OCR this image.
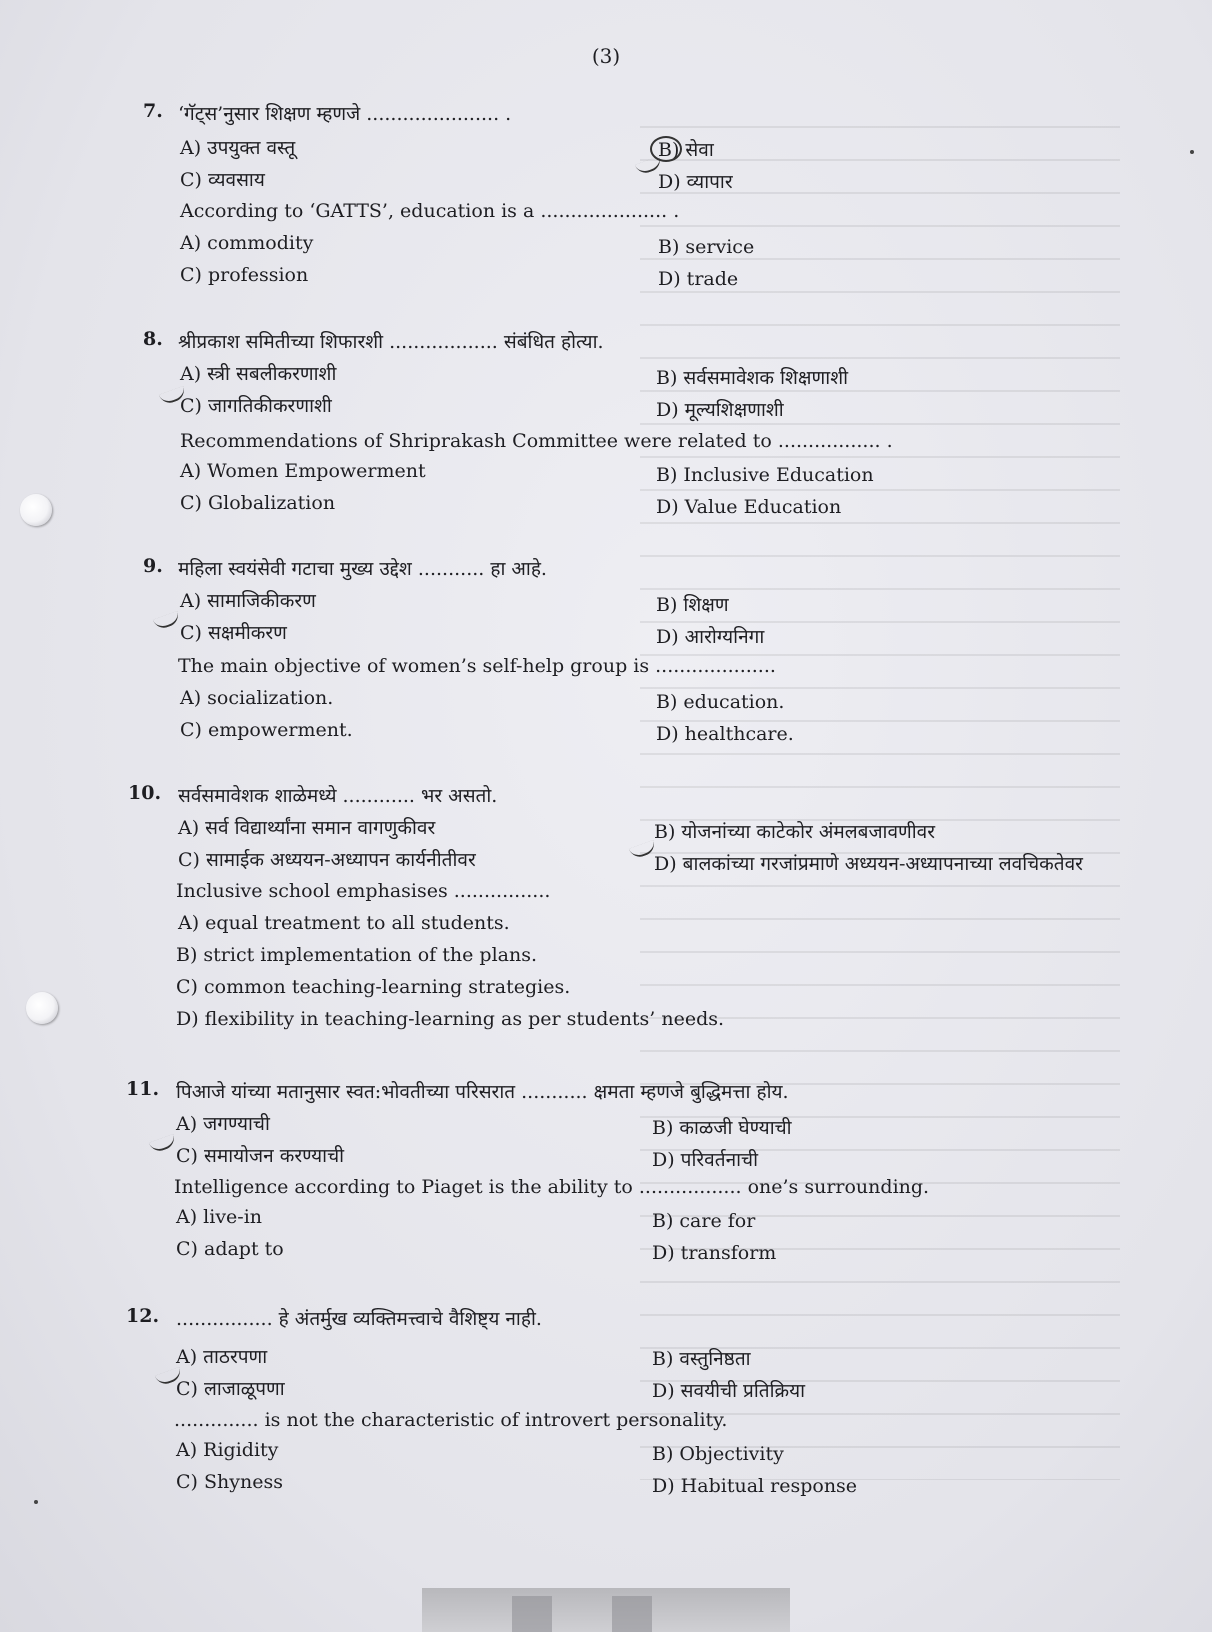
(3)
7. ‘गॅट्स’नुसार शिक्षण म्हणजे ...................... .
A) उपयुक्त वस्तू	B) सेवा
C) व्यवसाय	D) व्यापार
According to ‘GATTS’, education is a ..................... .
A) commodity	B) service
C) profession	D) trade
8. श्रीप्रकाश समितीच्या शिफारशी .................. संबंधित होत्या.
A) स्त्री सबलीकरणाशी	B) सर्वसमावेशक शिक्षणाशी
C) जागतिकीकरणाशी	D) मूल्यशिक्षणाशी
Recommendations of Shriprakash Committee were related to ................. .
A) Women Empowerment	B) Inclusive Education
C) Globalization	D) Value Education
9. महिला स्वयंसेवी गटाचा मुख्य उद्देश ........... हा आहे.
A) सामाजिकीकरण	B) शिक्षण
C) सक्षमीकरण	D) आरोग्यनिगा
The main objective of women’s self-help group is ....................
A) socialization.	B) education.
C) empowerment.	D) healthcare.
10. सर्वसमावेशक शाळेमध्ये ............ भर असतो.
A) सर्व विद्यार्थ्यांना समान वागणुकीवर	B) योजनांच्या काटेकोर अंमलबजावणीवर
C) सामाईक अध्ययन-अध्यापन कार्यनीतीवर	D) बालकांच्या गरजांप्रमाणे अध्ययन-अध्यापनाच्या लवचिकतेवर
Inclusive school emphasises ................
A) equal treatment to all students.
B) strict implementation of the plans.
C) common teaching-learning strategies.
D) flexibility in teaching-learning as per students’ needs.
11. पिआजे यांच्या मतानुसार स्वत:भोवतीच्या परिसरात ........... क्षमता म्हणजे बुद्धिमत्ता होय.
A) जगण्याची	B) काळजी घेण्याची
C) समायोजन करण्याची	D) परिवर्तनाची
Intelligence according to Piaget is the ability to ................. one’s surrounding.
A) live-in	B) care for
C) adapt to	D) transform
12. ................ हे अंतर्मुख व्यक्तिमत्त्वाचे वैशिष्ट्य नाही.
A) ताठरपणा	B) वस्तुनिष्ठता
C) लाजाळूपणा	D) सवयीची प्रतिक्रिया
.............. is not the characteristic of introvert personality.
A) Rigidity	B) Objectivity
C) Shyness	D) Habitual response
